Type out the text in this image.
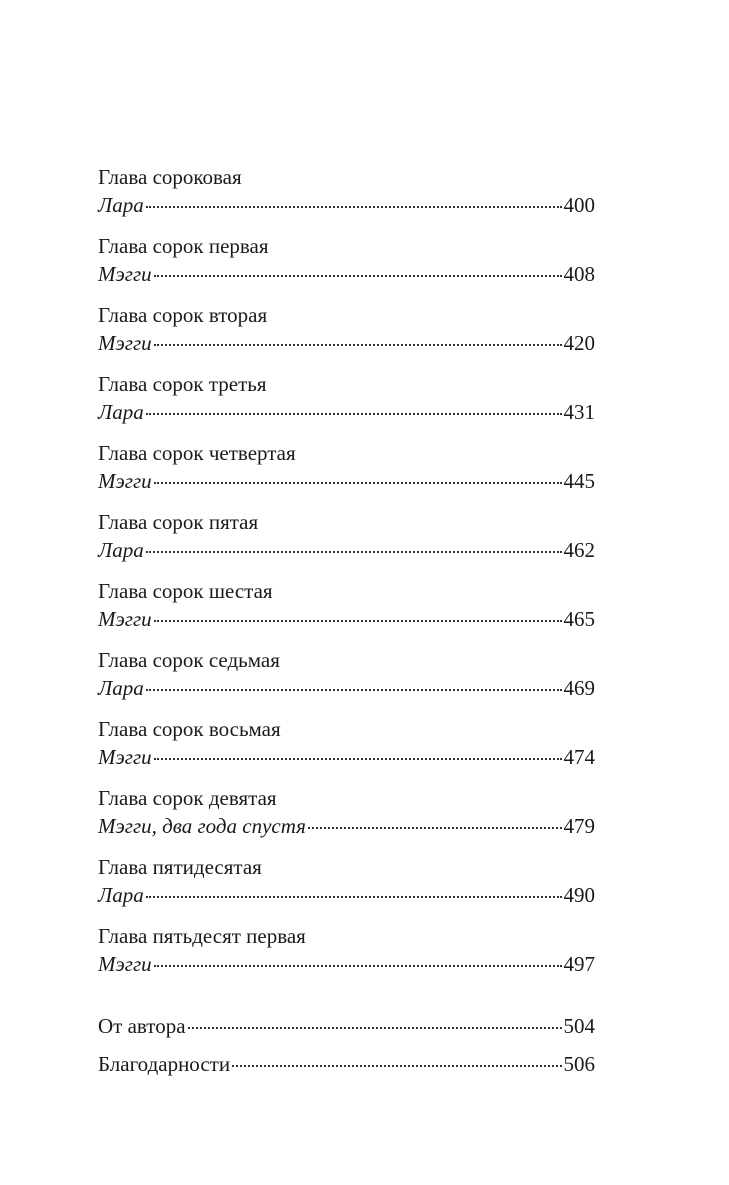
Глава сороковая
Лара	400
Глава сорок первая
Мэгги	408
Глава сорок вторая
Мэгги	420
Глава сорок третья
Лара	431
Глава сорок четвертая
Мэгги	445
Глава сорок пятая
Лара	462
Глава сорок шестая
Мэгги	465
Глава сорок седьмая
Лара	469
Глава сорок восьмая
Мэгги	474
Глава сорок девятая
Мэгги, два года спустя	479
Глава пятидесятая
Лара	490
Глава пятьдесят первая
Мэгги	497
От автора	504
Благодарности	506
